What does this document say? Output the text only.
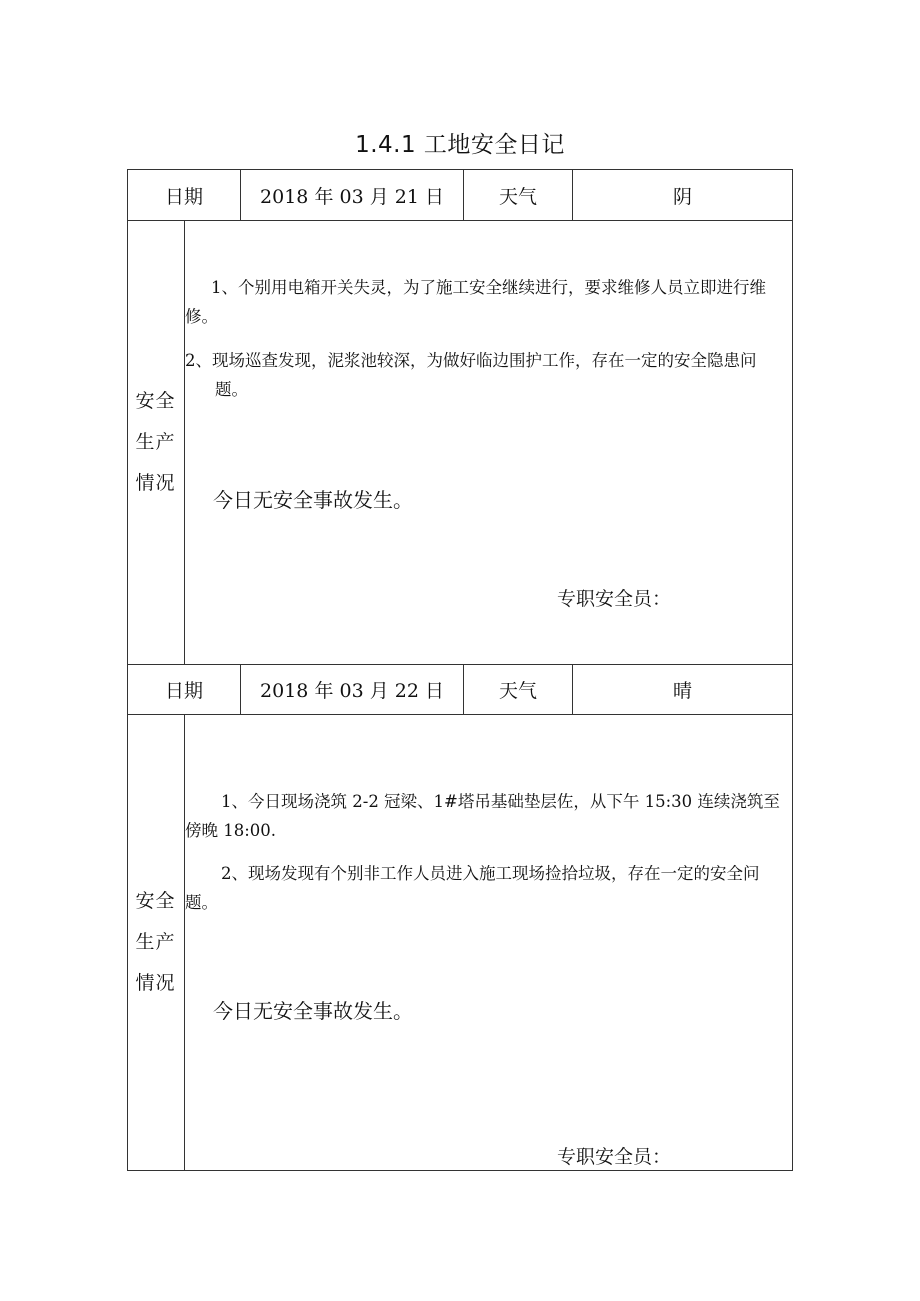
1.4.1 工地安全日记
日期	2018 年 03 月 21 日	天气	阴
安全
生产
情况

1、个别用电箱开关失灵，为了施工安全继续进行，要求维修人员立即进行维修。

2、现场巡查发现，泥浆池较深，为做好临边围护工作，存在一定的安全隐患问题。

今日无安全事故发生。
专职安全员：
日期	2018 年 03 月 22 日	天气	晴
安全
生产
情况

1、今日现场浇筑 2-2 冠梁、1#塔吊基础垫层佐，从下午 15:30 连续浇筑至傍晚 18:00.

2、现场发现有个别非工作人员进入施工现场捡拾垃圾，存在一定的安全问题。

今日无安全事故发生。
专职安全员：
